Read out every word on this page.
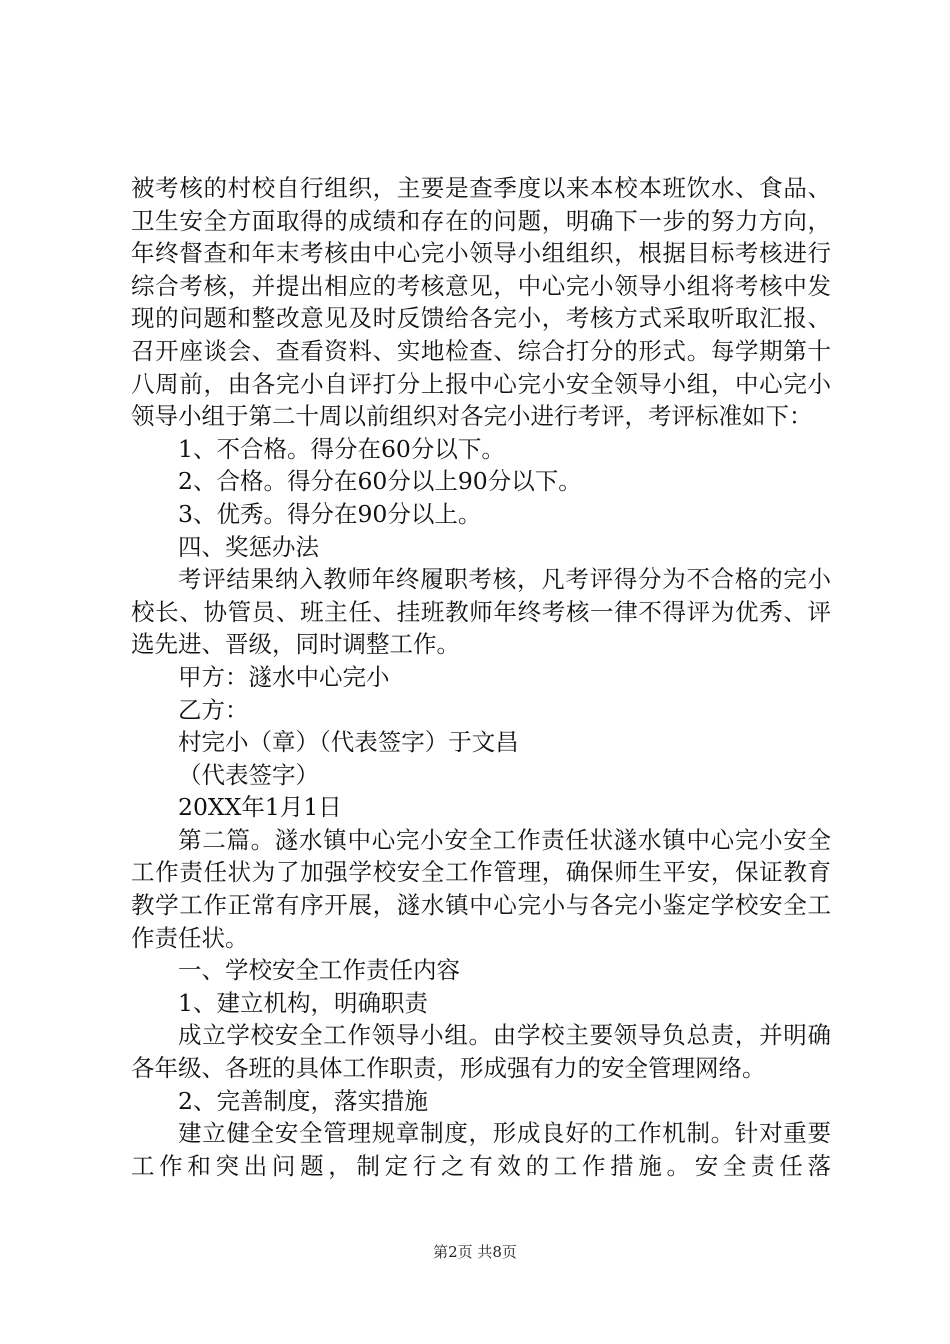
被考核的村校自行组织，主要是查季度以来本校本班饮水、食品、卫生安全方面取得的成绩和存在的问题，明确下一步的努力方向，年终督查和年末考核由中心完小领导小组组织，根据目标考核进行综合考核，并提出相应的考核意见，中心完小领导小组将考核中发现的问题和整改意见及时反馈给各完小，考核方式采取听取汇报、召开座谈会、查看资料、实地检查、综合打分的形式。每学期第十八周前，由各完小自评打分上报中心完小安全领导小组，中心完小领导小组于第二十周以前组织对各完小进行考评，考评标准如下：

1、不合格。得分在60分以下。

2、合格。得分在60分以上90分以下。

3、优秀。得分在90分以上。

四、奖惩办法

考评结果纳入教师年终履职考核，凡考评得分为不合格的完小校长、协管员、班主任、挂班教师年终考核一律不得评为优秀、评选先进、晋级，同时调整工作。

甲方：澻水中心完小

乙方：

村完小（章）（代表签字）于文昌

（代表签字）

20XX年1月1日

第二篇。澻水镇中心完小安全工作责任状澻水镇中心完小安全工作责任状为了加强学校安全工作管理，确保师生平安，保证教育教学工作正常有序开展，澻水镇中心完小与各完小鉴定学校安全工作责任状。

一、学校安全工作责任内容

1、建立机构，明确职责

成立学校安全工作领导小组。由学校主要领导负总责，并明确各年级、各班的具体工作职责，形成强有力的安全管理网络。

2、完善制度，落实措施

建立健全安全管理规章制度，形成良好的工作机制。针对重要工作和突出问题，制定行之有效的工作措施。安全责任落

第2页 共8页
